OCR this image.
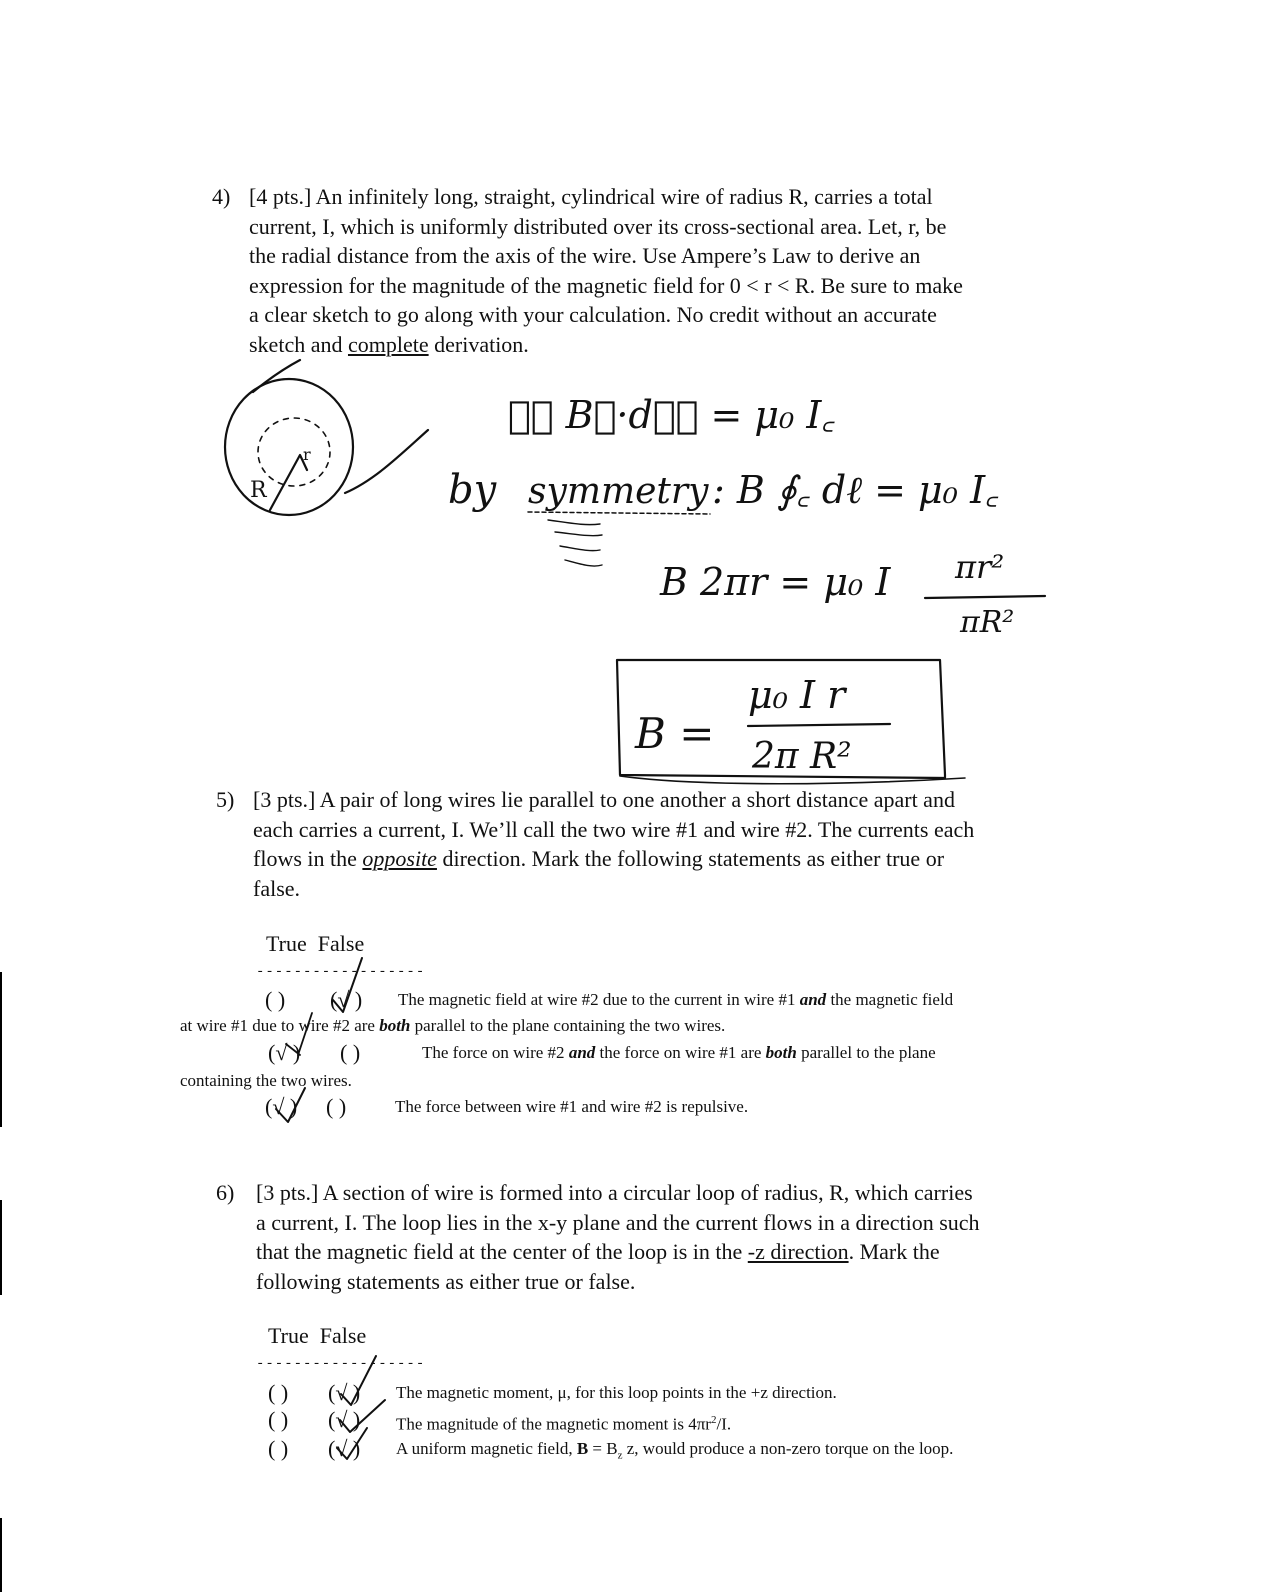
4) [4 pts.] An infinitely long, straight, cylindrical wire of radius R, carries a total
current, I, which is uniformly distributed over its cross-sectional area. Let, r, be
the radial distance from the axis of the wire. Use Ampere’s Law to derive an
expression for the magnitude of the magnetic field for 0 < r < R. Be sure to make
a clear sketch to go along with your calculation. No credit without an accurate
sketch and complete derivation.
R
r
∮꜀ B⃗·dℓ⃗ = μ₀ I꜀
by symmetry : B ∮꜀ dℓ = μ₀ I꜀
B 2πr = μ₀ I πr²
πR²
B =
μ₀ I r
2π R²
5) [3 pts.] A pair of long wires lie parallel to one another a short distance apart and
each carries a current, I. We’ll call the two wire #1 and wire #2. The currents each
flows in the opposite direction. Mark the following statements as either true or
false.
True False
------------------
( ) (√ ) The magnetic field at wire #2 due to the current in wire #1 and the magnetic field
at wire #1 due to wire #2 are both parallel to the plane containing the two wires.
(√ ) ( )	The force on wire #2 and the force on wire #1 are both parallel to the plane
containing the two wires.
(√ ) ( )	The force between wire #1 and wire #2 is repulsive.
6) [3 pts.] A section of wire is formed into a circular loop of radius, R, which carries
a current, I. The loop lies in the x-y plane and the current flows in a direction such
that the magnetic field at the center of the loop is in the -z direction. Mark the
following statements as either true or false.
True False
------------------
( ) (√ ) The magnetic moment, μ, for this loop points in the +z direction.
( ) (√ ) The magnitude of the magnetic moment is $4\pi r^2/I$.
( ) (√ ) A uniform magnetic field, $B = B_z$ z, would produce a non-zero torque on the loop.
